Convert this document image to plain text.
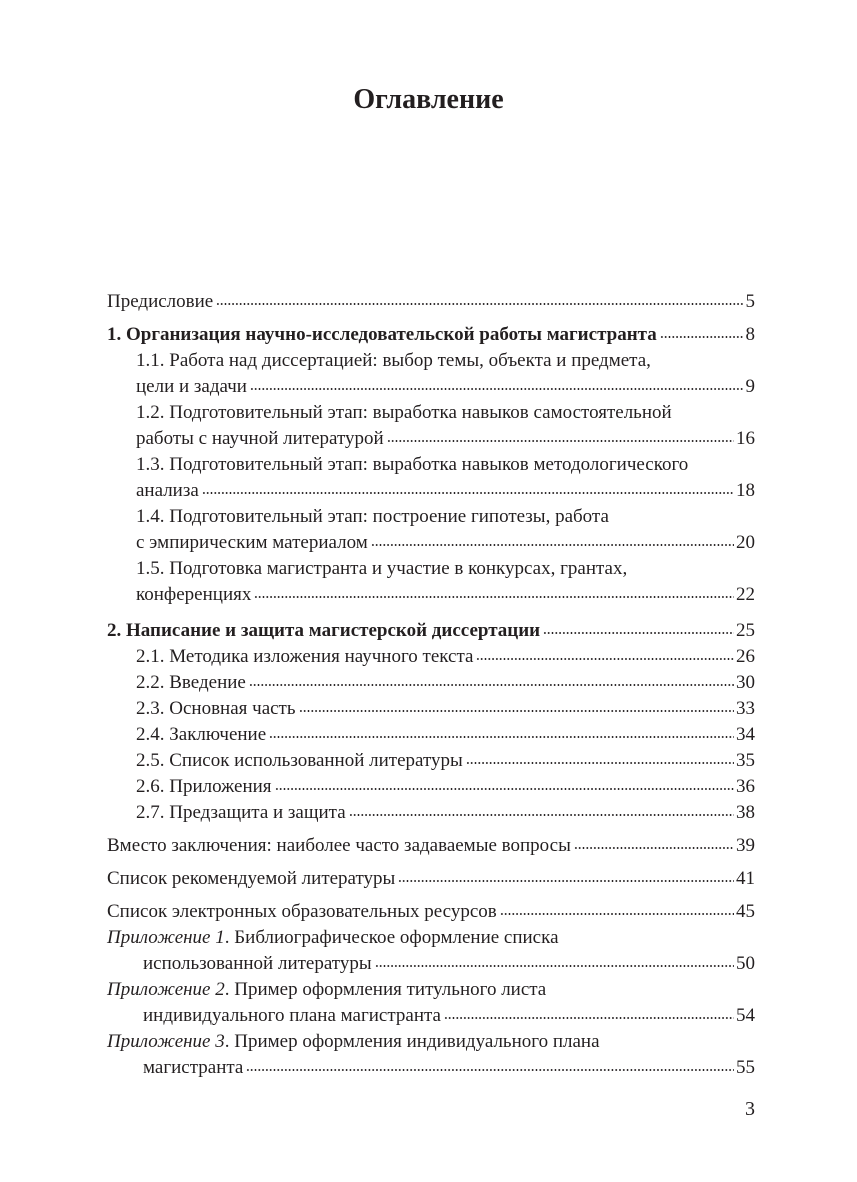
Оглавление
Предисловие	5
1. Организация научно-исследовательской работы магистранта	8
1.1. Работа над диссертацией: выбор темы, объекта и предмета,
цели и задачи	9
1.2. Подготовительный этап: выработка навыков самостоятельной
работы с научной литературой	16
1.3. Подготовительный этап: выработка навыков методологического
анализа	18
1.4. Подготовительный этап: построение гипотезы, работа
с эмпирическим материалом	20
1.5. Подготовка магистранта и участие в конкурсах, грантах,
конференциях	22
2. Написание и защита магистерской диссертации	25
2.1. Методика изложения научного текста	26
2.2. Введение	30
2.3. Основная часть	33
2.4. Заключение	34
2.5. Список использованной литературы	35
2.6. Приложения	36
2.7. Предзащита и защита	38
Вместо заключения: наиболее часто задаваемые вопросы	39
Список рекомендуемой литературы	41
Список электронных образовательных ресурсов	45
Приложение 1 . Библиографическое оформление списка
использованной литературы	50
Приложение 2 . Пример оформления титульного листа
индивидуального плана магистранта	54
Приложение 3 . Пример оформления индивидуального плана
магистранта	55
3
